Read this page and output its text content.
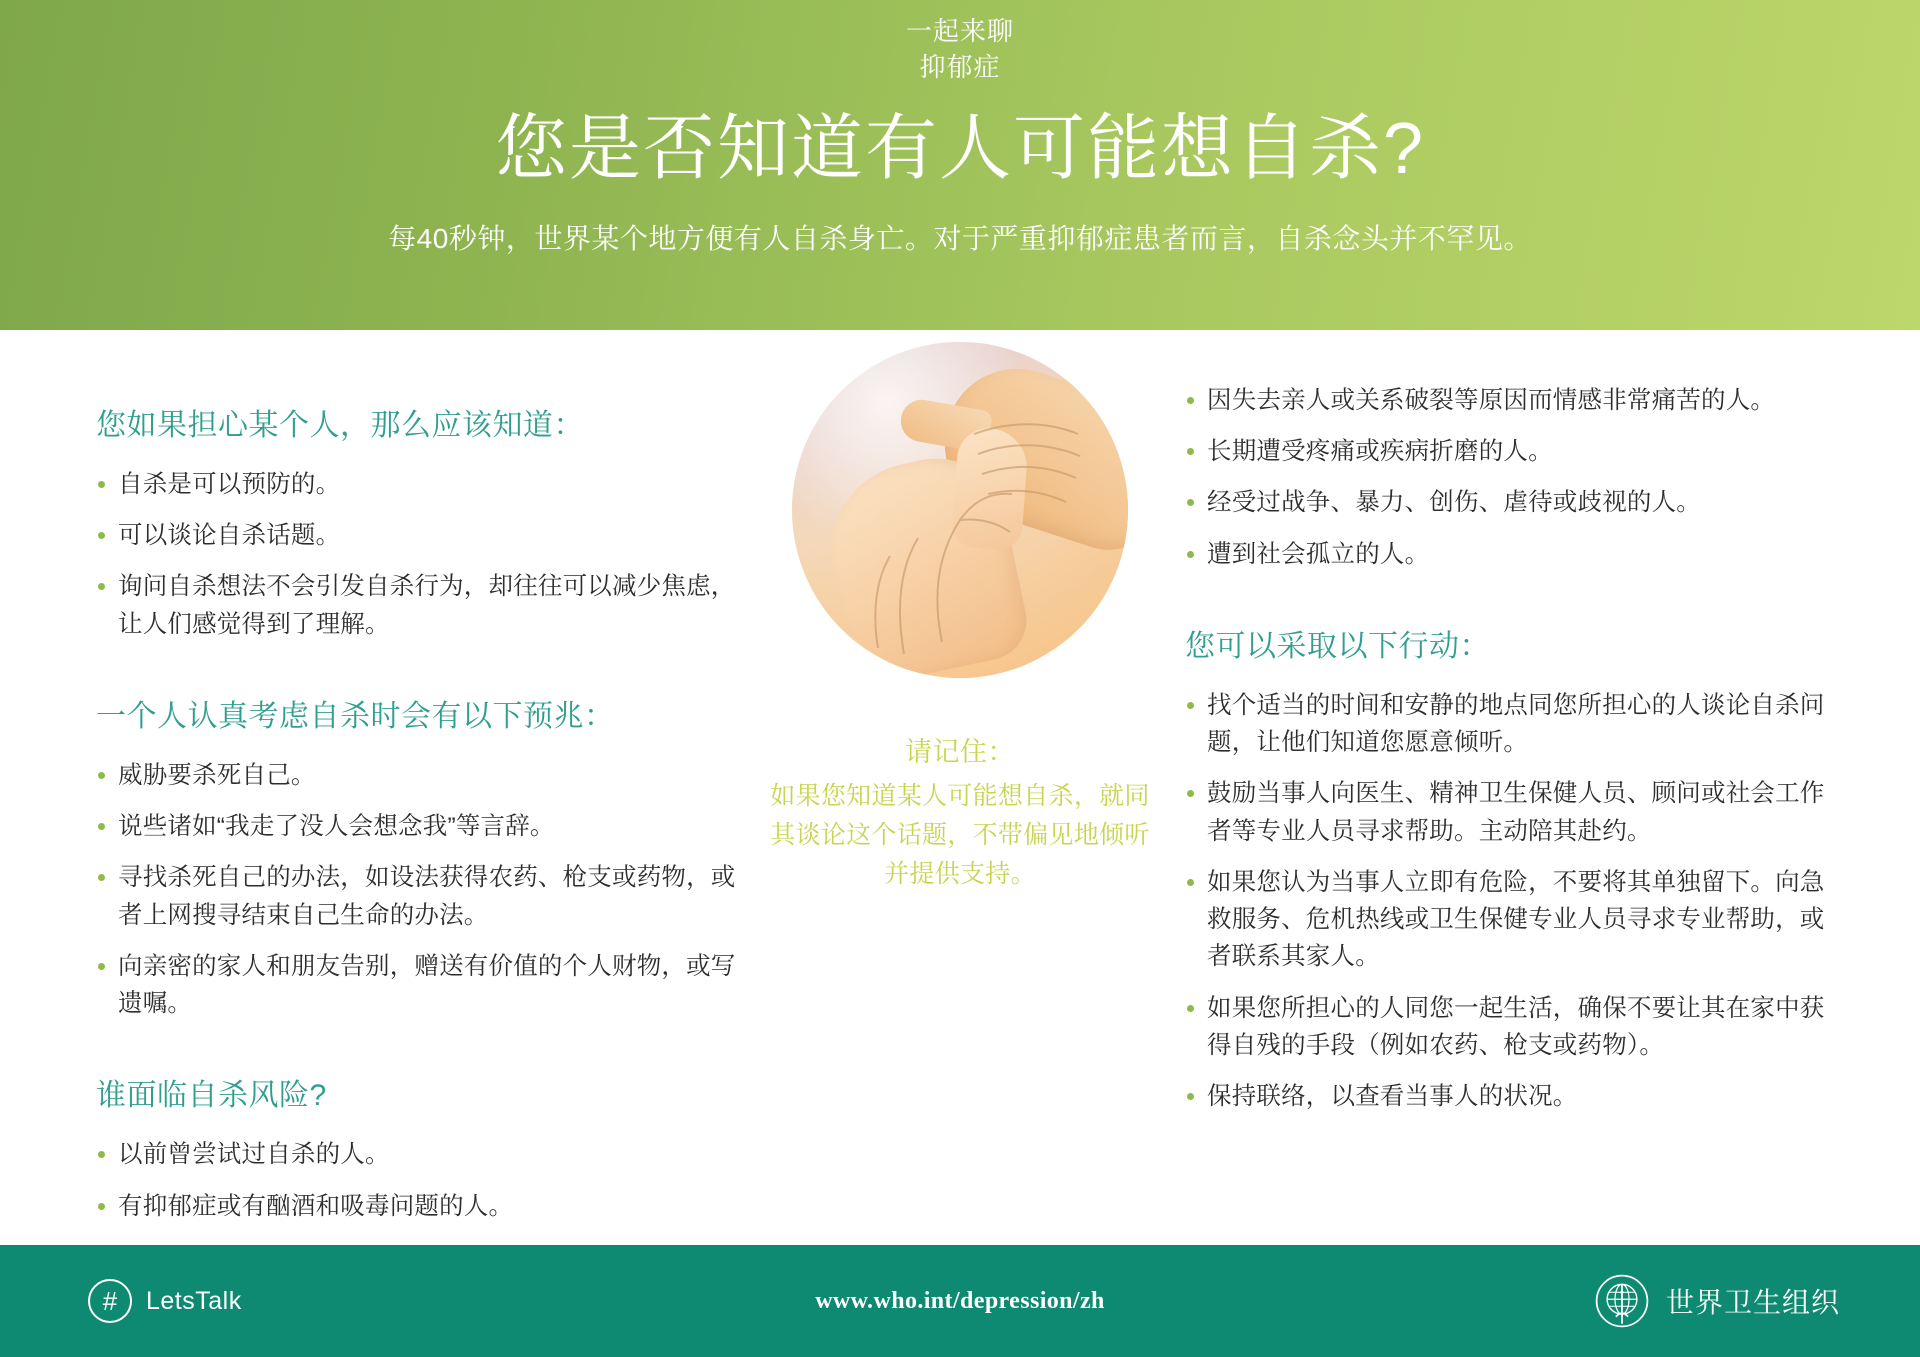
一起来聊
抑郁症
您是否知道有人可能想自杀?
每40秒钟，世界某个地方便有人自杀身亡。对于严重抑郁症患者而言，自杀念头并不罕见。
您如果担心某个人，那么应该知道：
自杀是可以预防的。
可以谈论自杀话题。
询问自杀想法不会引发自杀行为，却往往可以减少焦虑，让人们感觉得到了理解。
一个人认真考虑自杀时会有以下预兆：
威胁要杀死自己。
说些诸如“我走了没人会想念我”等言辞。
寻找杀死自己的办法，如设法获得农药、枪支或药物，或者上网搜寻结束自己生命的办法。
向亲密的家人和朋友告别，赠送有价值的个人财物，或写遗嘱。
谁面临自杀风险?
以前曾尝试过自杀的人。
有抑郁症或有酗酒和吸毒问题的人。
请记住：
如果您知道某人可能想自杀，就同其谈论这个话题，不带偏见地倾听并提供支持。
因失去亲人或关系破裂等原因而情感非常痛苦的人。
长期遭受疼痛或疾病折磨的人。
经受过战争、暴力、创伤、虐待或歧视的人。
遭到社会孤立的人。
您可以采取以下行动：
找个适当的时间和安静的地点同您所担心的人谈论自杀问题，让他们知道您愿意倾听。
鼓励当事人向医生、精神卫生保健人员、顾问或社会工作者等专业人员寻求帮助。主动陪其赴约。
如果您认为当事人立即有危险，不要将其单独留下。向急救服务、危机热线或卫生保健专业人员寻求专业帮助，或者联系其家人。
如果您所担心的人同您一起生活，确保不要让其在家中获得自残的手段（例如农药、枪支或药物）。
保持联络，以查看当事人的状况。
#	LetsTalk	www.who.int/depression/zh	世界卫生组织
